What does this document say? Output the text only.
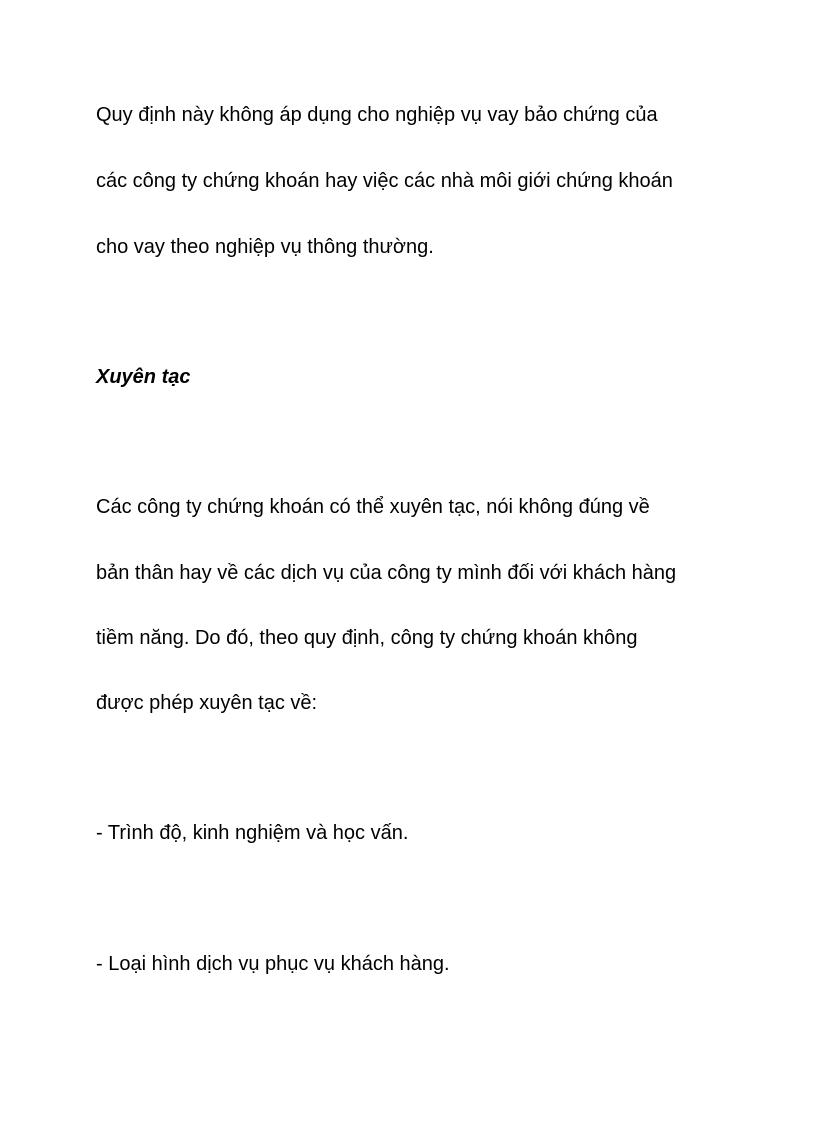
Quy định này không áp dụng cho nghiệp vụ vay bảo chứng của

các công ty chứng khoán hay việc các nhà môi giới chứng khoán

cho vay theo nghiệp vụ thông thường.

Xuyên tạc

Các công ty chứng khoán có thể xuyên tạc, nói không đúng về

bản thân hay về các dịch vụ của công ty mình đối với khách hàng

tiềm năng. Do đó, theo quy định, công ty chứng khoán không

được phép xuyên tạc về:

- Trình độ, kinh nghiệm và học vấn.

- Loại hình dịch vụ phục vụ khách hàng.
